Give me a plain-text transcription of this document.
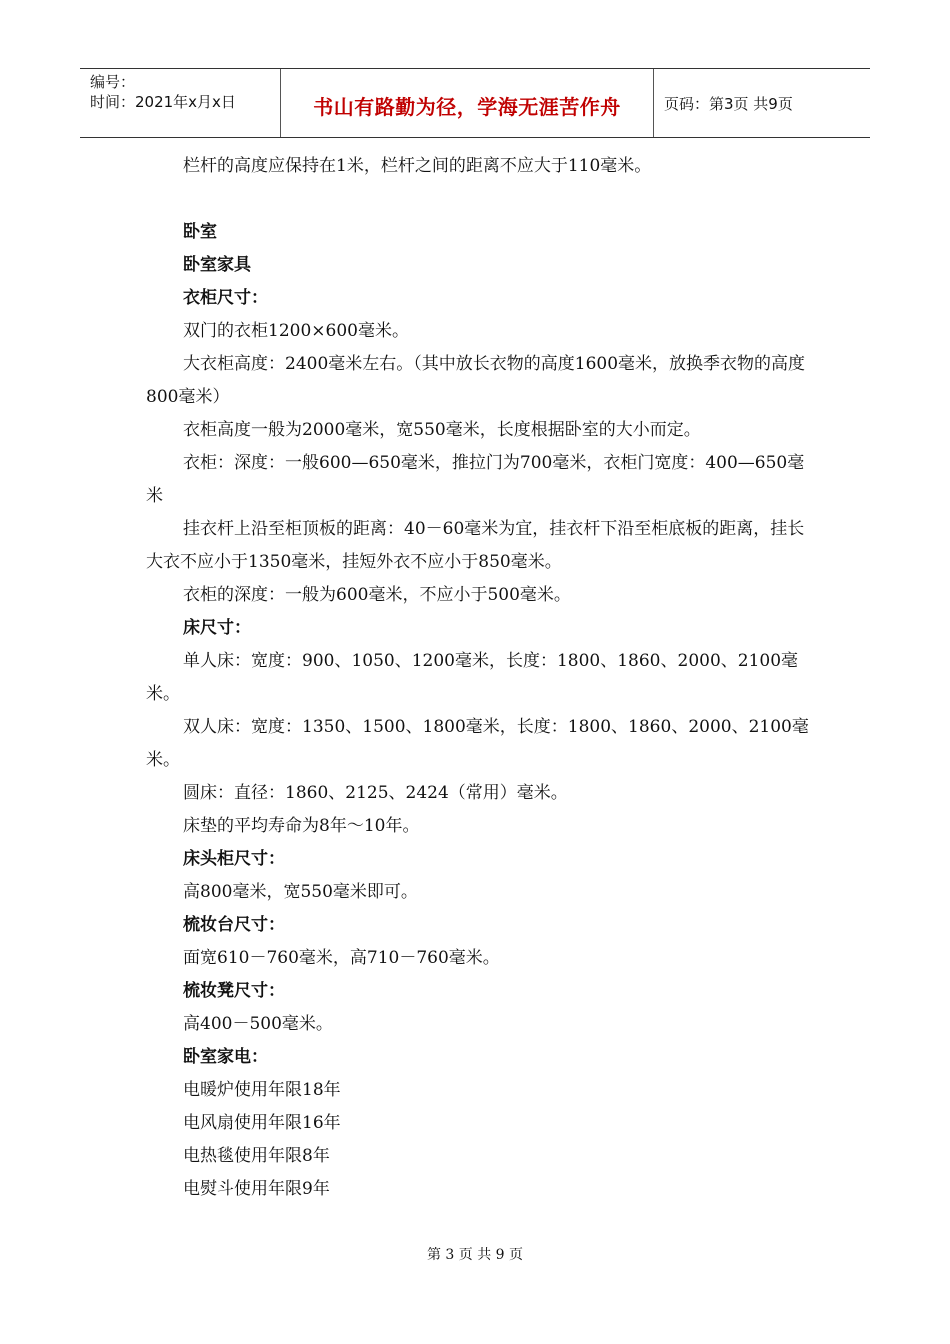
编号：
时间：2021年x月x日	书山有路勤为径，学海无涯苦作舟	页码：第3页 共9页

栏杆的高度应保持在1米，栏杆之间的距离不应大于110毫米。

卧室

卧室家具

衣柜尺寸：

双门的衣柜1200×600毫米。

大衣柜高度：2400毫米左右。（其中放长衣物的高度1600毫米，放换季衣物的高度800毫米）

衣柜高度一般为2000毫米，宽550毫米，长度根据卧室的大小而定。

衣柜：深度：一般600—650毫米，推拉门为700毫米，衣柜门宽度：400—650毫米

挂衣杆上沿至柜顶板的距离：40－60毫米为宜，挂衣杆下沿至柜底板的距离，挂长大衣不应小于1350毫米，挂短外衣不应小于850毫米。

衣柜的深度：一般为600毫米，不应小于500毫米。

床尺寸：

单人床：宽度：900、1050、1200毫米，长度：1800、1860、2000、2100毫米。

双人床：宽度：1350、1500、1800毫米，长度：1800、1860、2000、2100毫米。

圆床：直径：1860、2125、2424（常用）毫米。

床垫的平均寿命为8年～10年。

床头柜尺寸：

高800毫米，宽550毫米即可。

梳妆台尺寸：

面宽610－760毫米，高710－760毫米。

梳妆凳尺寸：

高400－500毫米。

卧室家电：

电暖炉使用年限18年

电风扇使用年限16年

电热毯使用年限8年

电熨斗使用年限9年

第 3 页 共 9 页
